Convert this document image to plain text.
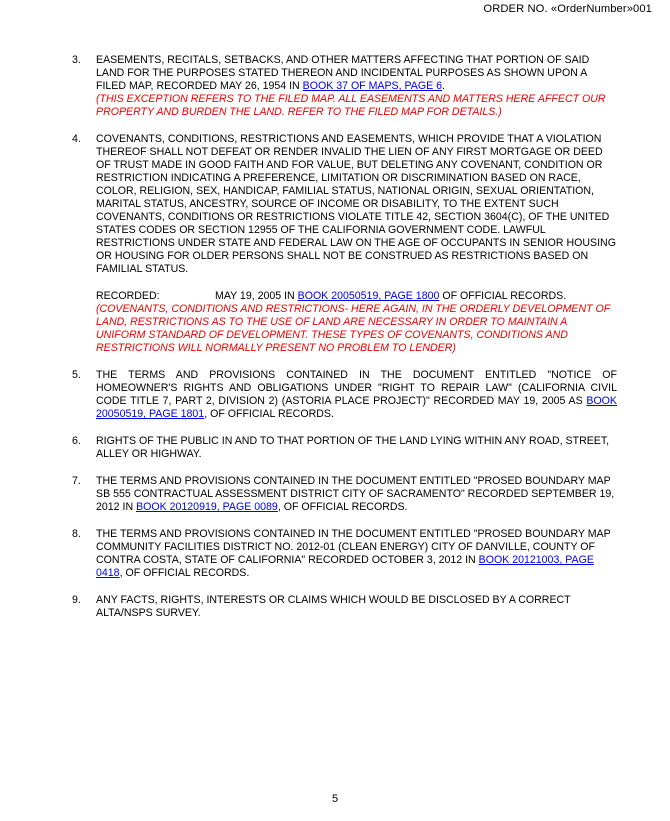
ORDER NO. «OrderNumber»001
3. EASEMENTS, RECITALS, SETBACKS, AND OTHER MATTERS AFFECTING THAT PORTION OF SAID LAND FOR THE PURPOSES STATED THEREON AND INCIDENTAL PURPOSES AS SHOWN UPON A FILED MAP, RECORDED MAY 26, 1954 IN BOOK 37 OF MAPS, PAGE 6.

(THIS EXCEPTION REFERS TO THE FILED MAP. ALL EASEMENTS AND MATTERS HERE AFFECT OUR PROPERTY AND BURDEN THE LAND. REFER TO THE FILED MAP FOR DETAILS.)

4. COVENANTS, CONDITIONS, RESTRICTIONS AND EASEMENTS, WHICH PROVIDE THAT A VIOLATION THEREOF SHALL NOT DEFEAT OR RENDER INVALID THE LIEN OF ANY FIRST MORTGAGE OR DEED OF TRUST MADE IN GOOD FAITH AND FOR VALUE, BUT DELETING ANY COVENANT, CONDITION OR RESTRICTION INDICATING A PREFERENCE, LIMITATION OR DISCRIMINATION BASED ON RACE, COLOR, RELIGION, SEX, HANDICAP, FAMILIAL STATUS, NATIONAL ORIGIN, SEXUAL ORIENTATION, MARITAL STATUS, ANCESTRY, SOURCE OF INCOME OR DISABILITY, TO THE EXTENT SUCH COVENANTS, CONDITIONS OR RESTRICTIONS VIOLATE TITLE 42, SECTION 3604(C), OF THE UNITED STATES CODES OR SECTION 12955 OF THE CALIFORNIA GOVERNMENT CODE. LAWFUL RESTRICTIONS UNDER STATE AND FEDERAL LAW ON THE AGE OF OCCUPANTS IN SENIOR HOUSING OR HOUSING FOR OLDER PERSONS SHALL NOT BE CONSTRUED AS RESTRICTIONS BASED ON FAMILIAL STATUS.

RECORDED:	MAY 19, 2005 IN BOOK 20050519, PAGE 1800 OF OFFICIAL RECORDS.

(COVENANTS, CONDITIONS AND RESTRICTIONS- HERE AGAIN, IN THE ORDERLY DEVELOPMENT OF LAND, RESTRICTIONS AS TO THE USE OF LAND ARE NECESSARY IN ORDER TO MAINTAIN A UNIFORM STANDARD OF DEVELOPMENT. THESE TYPES OF COVENANTS, CONDITIONS AND RESTRICTIONS WILL NORMALLY PRESENT NO PROBLEM TO LENDER)

5. THE TERMS AND PROVISIONS CONTAINED IN THE DOCUMENT ENTITLED "NOTICE OF HOMEOWNER'S RIGHTS AND OBLIGATIONS UNDER "RIGHT TO REPAIR LAW" (CALIFORNIA CIVIL CODE TITLE 7, PART 2, DIVISION 2) (ASTORIA PLACE PROJECT)" RECORDED MAY 19, 2005 AS BOOK 20050519, PAGE 1801, OF OFFICIAL RECORDS.

6. RIGHTS OF THE PUBLIC IN AND TO THAT PORTION OF THE LAND LYING WITHIN ANY ROAD, STREET, ALLEY OR HIGHWAY.

7. THE TERMS AND PROVISIONS CONTAINED IN THE DOCUMENT ENTITLED "PROSED BOUNDARY MAP SB 555 CONTRACTUAL ASSESSMENT DISTRICT CITY OF SACRAMENTO" RECORDED SEPTEMBER 19, 2012 IN BOOK 20120919, PAGE 0089, OF OFFICIAL RECORDS.

8. THE TERMS AND PROVISIONS CONTAINED IN THE DOCUMENT ENTITLED "PROSED BOUNDARY MAP COMMUNITY FACILITIES DISTRICT NO. 2012-01 (CLEAN ENERGY) CITY OF DANVILLE, COUNTY OF CONTRA COSTA, STATE OF CALIFORNIA" RECORDED OCTOBER 3, 2012 IN BOOK 20121003, PAGE 0418, OF OFFICIAL RECORDS.

9. ANY FACTS, RIGHTS, INTERESTS OR CLAIMS WHICH WOULD BE DISCLOSED BY A CORRECT ALTA/NSPS SURVEY.

5
